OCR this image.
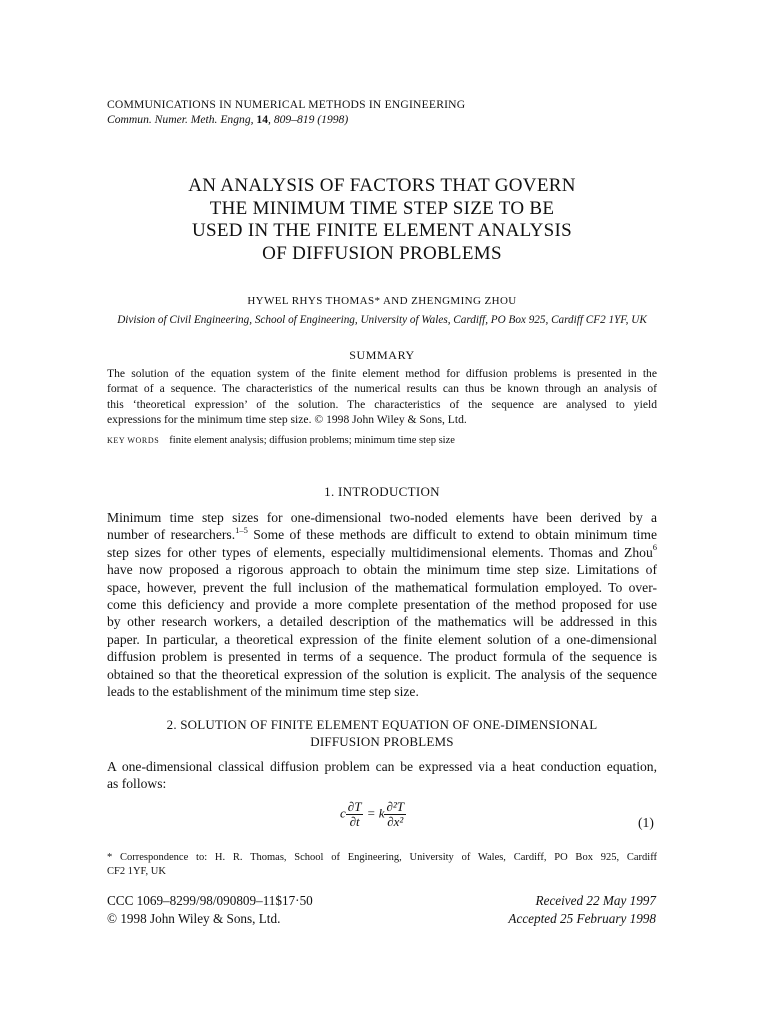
COMMUNICATIONS IN NUMERICAL METHODS IN ENGINEERING
Commun. Numer. Meth. Engng, 14, 809–819 (1998)
AN ANALYSIS OF FACTORS THAT GOVERN
THE MINIMUM TIME STEP SIZE TO BE
USED IN THE FINITE ELEMENT ANALYSIS
OF DIFFUSION PROBLEMS
HYWEL RHYS THOMAS* AND ZHENGMING ZHOU
Division of Civil Engineering, School of Engineering, University of Wales, Cardiff, PO Box 925, Cardiff CF2 1YF, UK
SUMMARY
The solution of the equation system of the finite element method for diffusion problems is presented in the
format of a sequence. The characteristics of the numerical results can thus be known through an analysis of
this ‘theoretical expression’ of the solution. The characteristics of the sequence are analysed to yield
expressions for the minimum time step size. © 1998 John Wiley & Sons, Ltd.
KEY WORDS finite element analysis; diffusion problems; minimum time step size
1. INTRODUCTION
Minimum time step sizes for one-dimensional two-noded elements have been derived by a
number of researchers.$^{1-5}$ Some of these methods are difficult to extend to obtain minimum time
step sizes for other types of elements, especially multidimensional elements. Thomas and Zhou$^6$
have now proposed a rigorous approach to obtain the minimum time step size. Limitations of
space, however, prevent the full inclusion of the mathematical formulation employed. To over-
come this deficiency and provide a more complete presentation of the method proposed for use
by other research workers, a detailed description of the mathematics will be addressed in this
paper. In particular, a theoretical expression of the finite element solution of a one-dimensional
diffusion problem is presented in terms of a sequence. The product formula of the sequence is
obtained so that the theoretical expression of the solution is explicit. The analysis of the sequence
leads to the establishment of the minimum time step size.
2. SOLUTION OF FINITE ELEMENT EQUATION OF ONE-DIMENSIONAL
DIFFUSION PROBLEMS
A one-dimensional classical diffusion problem can be expressed via a heat conduction equation,
as follows:
c $\frac{\partial T}{\partial t} = k \frac{\text{∂²T}}{\text{∂x²}}$	(1)
* Correspondence to: H. R. Thomas, School of Engineering, University of Wales, Cardiff, PO Box 925, Cardiff
CF2 1YF, UK
CCC 1069–8299/98/090809–11$17·50
© 1998 John Wiley & Sons, Ltd.
Received 22 May 1997
Accepted 25 February 1998
